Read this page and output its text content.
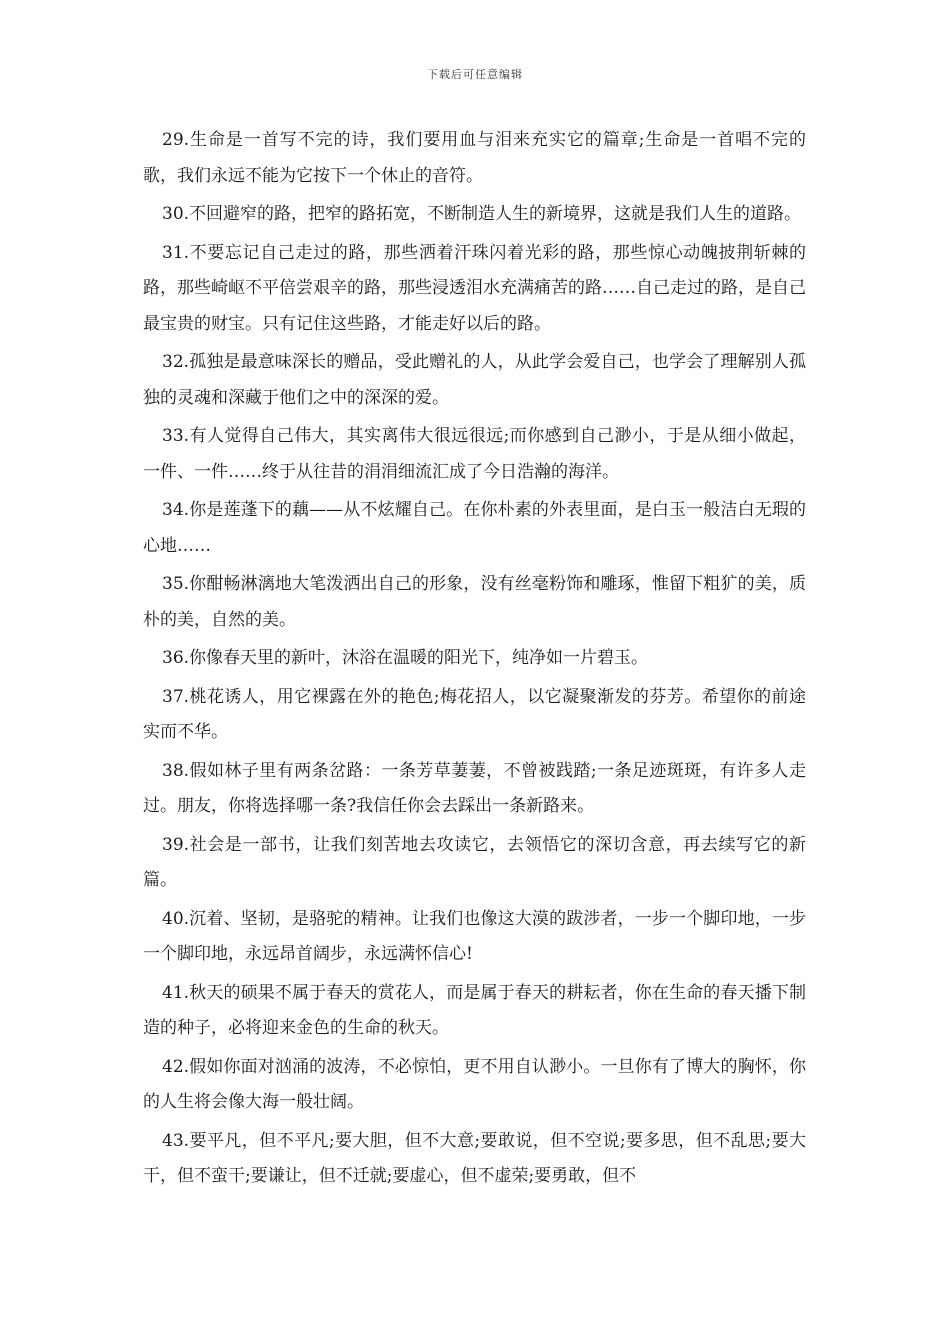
下载后可任意编辑

29.生命是一首写不完的诗，我们要用血与泪来充实它的篇章;生命是一首唱不完的歌，我们永远不能为它按下一个休止的音符。

30.不回避窄的路，把窄的路拓宽，不断制造人生的新境界，这就是我们人生的道路。

31.不要忘记自己走过的路，那些洒着汗珠闪着光彩的路，那些惊心动魄披荆斩棘的路，那些崎岖不平倍尝艰辛的路，那些浸透泪水充满痛苦的路……自己走过的路，是自己最宝贵的财宝。只有记住这些路，才能走好以后的路。

32.孤独是最意味深长的赠品，受此赠礼的人，从此学会爱自己，也学会了理解别人孤独的灵魂和深藏于他们之中的深深的爱。

33.有人觉得自己伟大，其实离伟大很远很远;而你感到自己渺小，于是从细小做起，一件、一件……终于从往昔的涓涓细流汇成了今日浩瀚的海洋。

34.你是莲蓬下的藕——从不炫耀自己。在你朴素的外表里面，是白玉一般洁白无瑕的心地……

35.你酣畅淋漓地大笔泼洒出自己的形象，没有丝毫粉饰和雕琢，惟留下粗犷的美，质朴的美，自然的美。

36.你像春天里的新叶，沐浴在温暖的阳光下，纯净如一片碧玉。

37.桃花诱人，用它裸露在外的艳色;梅花招人，以它凝聚渐发的芬芳。希望你的前途实而不华。

38.假如林子里有两条岔路：一条芳草萋萋，不曾被践踏;一条足迹斑斑，有许多人走过。朋友，你将选择哪一条?我信任你会去踩出一条新路来。

39.社会是一部书，让我们刻苦地去攻读它，去领悟它的深切含意，再去续写它的新篇。

40.沉着、坚韧，是骆驼的精神。让我们也像这大漠的跋涉者，一步一个脚印地，一步一个脚印地，永远昂首阔步，永远满怀信心!

41.秋天的硕果不属于春天的赏花人，而是属于春天的耕耘者，你在生命的春天播下制造的种子，必将迎来金色的生命的秋天。

42.假如你面对汹涌的波涛，不必惊怕，更不用自认渺小。一旦你有了博大的胸怀，你的人生将会像大海一般壮阔。

43.要平凡，但不平凡;要大胆，但不大意;要敢说，但不空说;要多思，但不乱思;要大干，但不蛮干;要谦让，但不迁就;要虚心，但不虚荣;要勇敢，但不
